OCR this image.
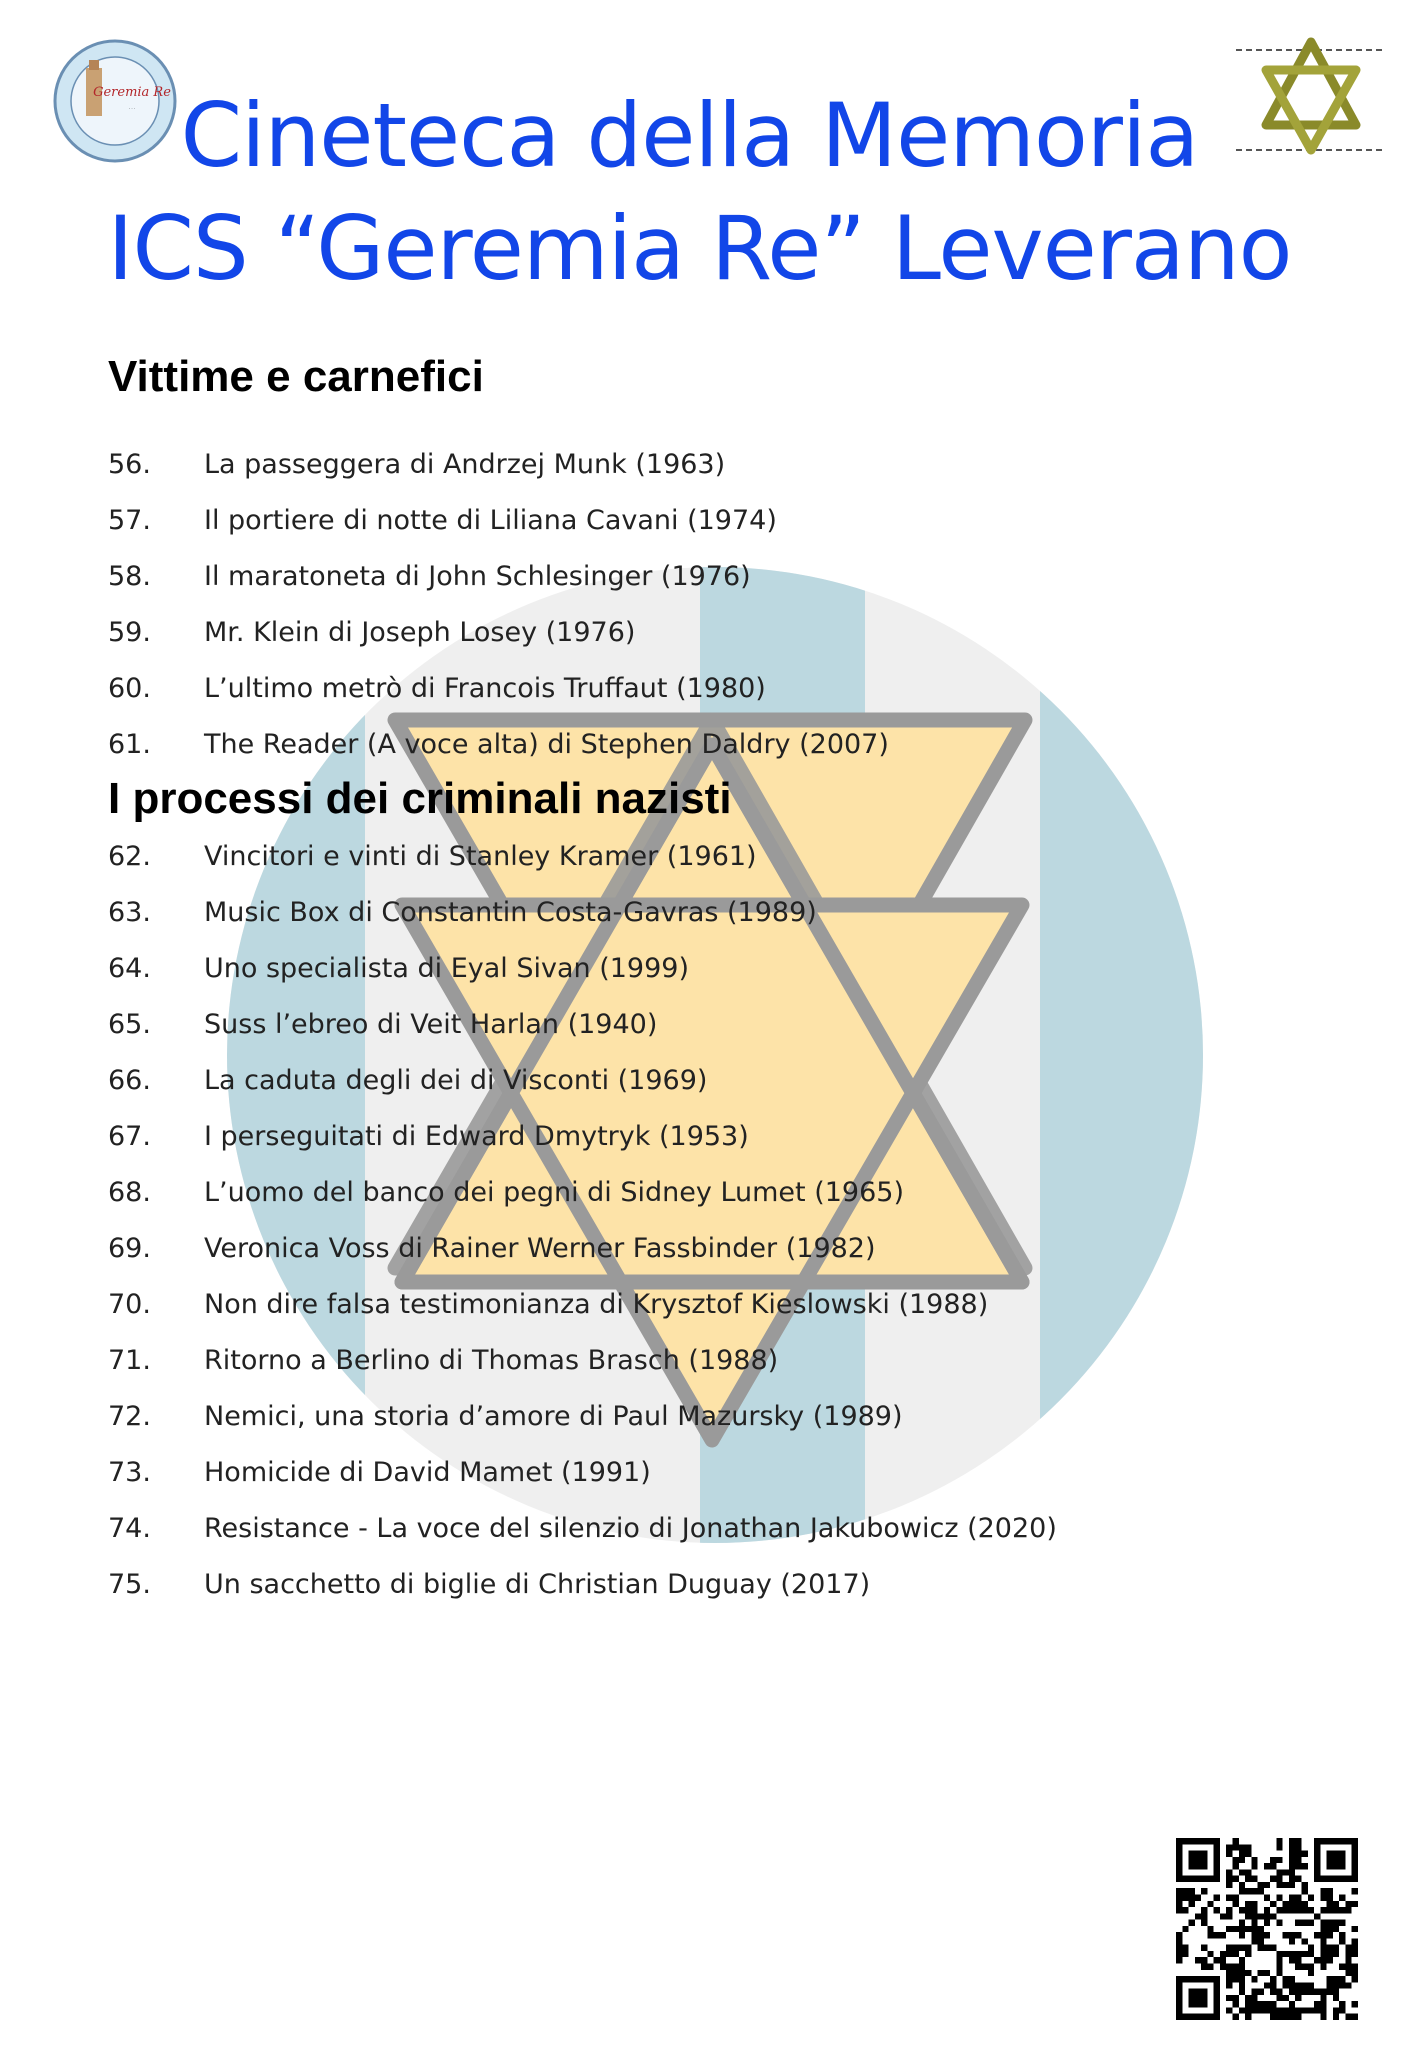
Geremia Re
· · · Cineteca della Memoria
ICS “Geremia Re” Leverano
Vittime e carnefici
56.	La passeggera di Andrzej Munk (1963)
57.	Il portiere di notte di Liliana Cavani (1974)
58.	Il maratoneta di John Schlesinger (1976)
59.	Mr. Klein di Joseph Losey (1976)
60.	L’ultimo metrò di Francois Truffaut (1980)
61.	The Reader (A voce alta) di Stephen Daldry (2007)
I processi dei criminali nazisti
62.	Vincitori e vinti di Stanley Kramer (1961)
63.	Music Box di Constantin Costa-Gavras (1989)
64.	Uno specialista di Eyal Sivan (1999)
65.	Suss l’ebreo di Veit Harlan (1940)
66.	La caduta degli dei di Visconti (1969)
67.	I perseguitati di Edward Dmytryk (1953)
68.	L’uomo del banco dei pegni di Sidney Lumet (1965)
69.	Veronica Voss di Rainer Werner Fassbinder (1982)
70.	Non dire falsa testimonianza di Krysztof Kieslowski (1988)
71.	Ritorno a Berlino di Thomas Brasch (1988)
72.	Nemici, una storia d’amore di Paul Mazursky (1989)
73.	Homicide di David Mamet (1991)
74.	Resistance - La voce del silenzio di Jonathan Jakubowicz (2020)
75.	Un sacchetto di biglie di Christian Duguay (2017)
